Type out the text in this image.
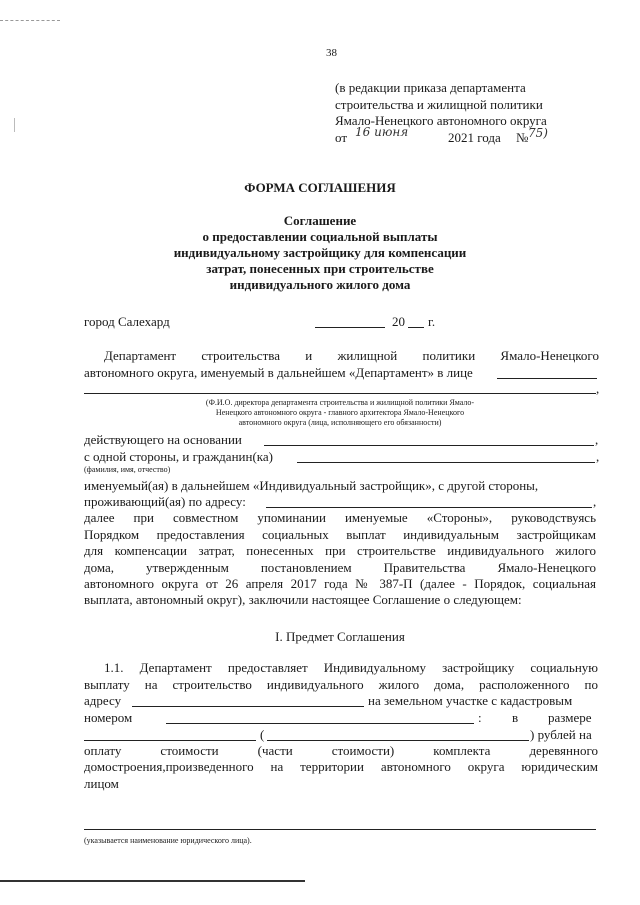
38
(в редакции приказа департамента
строительства и жилищной политики
Ямало-Ненецкого автономного округа
от 16 июня	2021 года № 75)
ФОРМА СОГЛАШЕНИЯ
Соглашение
о предоставлении социальной выплаты
индивидуальному застройщику для компенсации
затрат, понесенных при строительстве
индивидуального жилого дома
город Салехард	20 г.
Департамент строительства и жилищной политики Ямало-Ненецкого
автономного округа, именуемый в дальнейшем «Департамент» в лице
,
(Ф.И.О. директора департамента строительства и жилищной политики Ямало-
Ненецкого автономного округа - главного архитектора Ямало-Ненецкого
автономного округа (лица, исполняющего его обязанности)
действующего на основании	,
с одной стороны, и гражданин(ка)	,
(фамилия, имя, отчество)
именуемый(ая) в дальнейшем «Индивидуальный застройщик», с другой стороны,
проживающий(ая) по адресу:	,
далее при совместном упоминании именуемые «Стороны», руководствуясь
Порядком предоставления социальных выплат индивидуальным застройщикам
для компенсации затрат, понесенных при строительстве индивидуального жилого
дома, утвержденным постановлением Правительства Ямало-Ненецкого
автономного округа от 26 апреля 2017 года № 387-П (далее - Порядок, социальная
выплата, автономный округ), заключили настоящее Соглашение о следующем:
I. Предмет Соглашения
1.1. Департамент предоставляет Индивидуальному застройщику социальную
выплату на строительство индивидуального жилого дома, расположенного по
адресу	на земельном участке с кадастровым
номером	: в размере
(	) рублей на
оплату	стоимости	(части	стоимости)	комплекта	деревянного
домостроения,произведенного на территории автономного округа юридическим
лицом
(указывается наименование юридического лица).
